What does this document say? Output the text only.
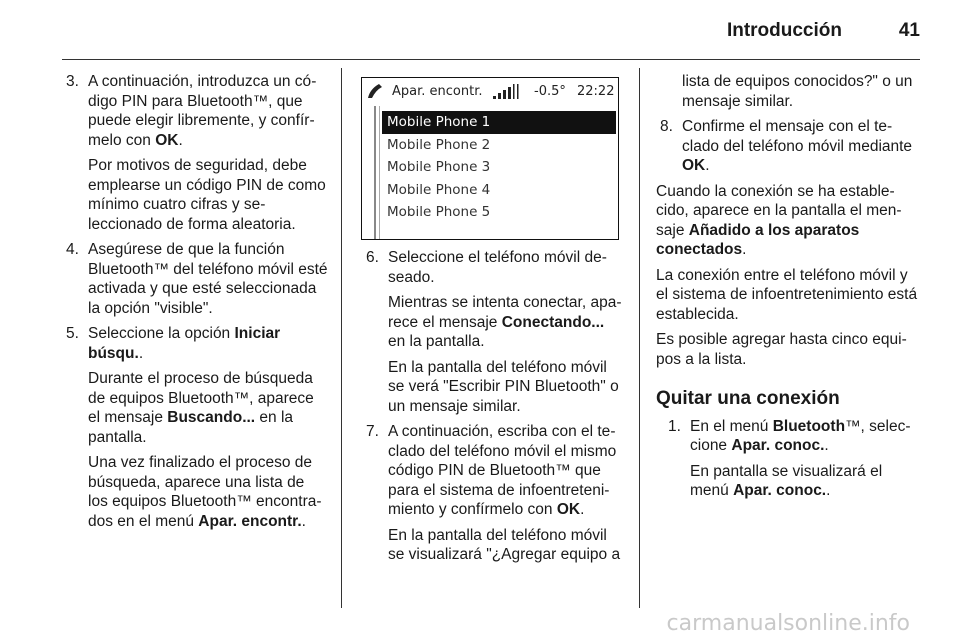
Introducción	41
3. A continuación, introduzca un código PIN para Bluetooth™, que puede elegir libremente, y confírmelo con OK.

Por motivos de seguridad, debe emplearse un código PIN de como mínimo cuatro cifras y seleccionado de forma aleatoria.

4. Asegúrese de que la función Bluetooth™ del teléfono móvil esté activada y que esté seleccionada la opción "visible".

5. Seleccione la opción Iniciar búsqu..

Durante el proceso de búsqueda de equipos Bluetooth™, aparece el mensaje Buscando... en la pantalla.

Una vez finalizado el proceso de búsqueda, aparece una lista de los equipos Bluetooth™ encontrados en el menú Apar. encontr..

Apar. encontr.	-0.5° 22:22
Mobile Phone 1
Mobile Phone 2
Mobile Phone 3
Mobile Phone 4
Mobile Phone 5
6. Seleccione el teléfono móvil deseado.

Mientras se intenta conectar, aparece el mensaje Conectando... en la pantalla.

En la pantalla del teléfono móvil se verá "Escribir PIN Bluetooth" o un mensaje similar.

7. A continuación, escriba con el teclado del teléfono móvil el mismo código PIN de Bluetooth™ que para el sistema de infoentretenimiento y confírmelo con OK.

En la pantalla del teléfono móvil se visualizará "¿Agregar equipo a

lista de equipos conocidos?" o un mensaje similar.

8. Confirme el mensaje con el teclado del teléfono móvil mediante OK.

Cuando la conexión se ha establecido, aparece en la pantalla el mensaje Añadido a los aparatos conectados.

La conexión entre el teléfono móvil y el sistema de infoentretenimiento está establecida.

Es posible agregar hasta cinco equipos a la lista.

Quitar una conexión
1. En el menú Bluetooth™, seleccione Apar. conoc..

En pantalla se visualizará el menú Apar. conoc..

carmanualsonline.info
